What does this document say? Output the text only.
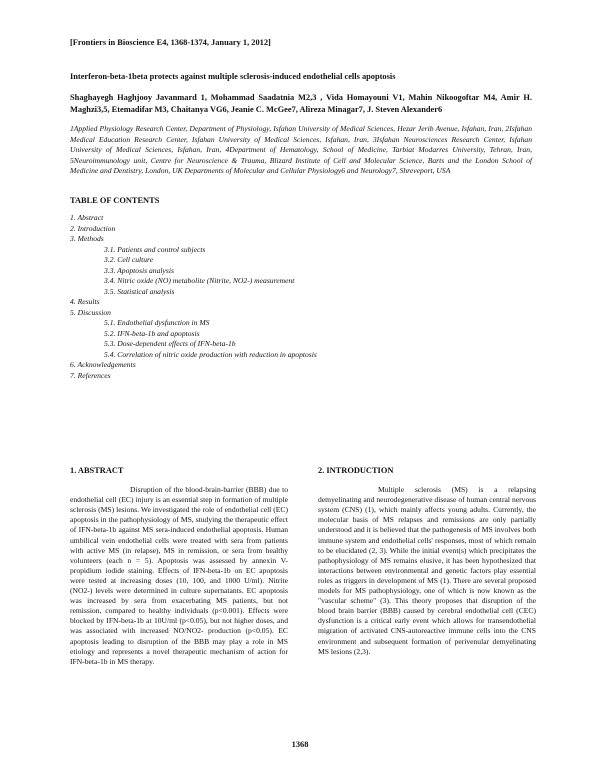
[Frontiers in Bioscience E4, 1368-1374, January 1, 2012]
Interferon-beta-1beta protects against multiple sclerosis-induced endothelial cells apoptosis
Shaghayegh Haghjooy Javanmard 1, Mohammad Saadatnia M2,3 , Vida Homayouni V1, Mahin Nikoogoftar M4, Amir H. Maghzi3,5, Etemadifar M3, Chaitanya VG6, Jeanie C. McGee7, Alireza Minagar7, J. Steven Alexander6
1Applied Physiology Research Center, Department of Physiology, Isfahan University of Medical Sciences, Hezar Jerib Avenue, Isfahan, Iran, 2Isfahan Medical Education Research Center, Isfahan University of Medical Sciences, Isfahan, Iran, 3Isfahan Neurosciences Research Center, Isfahan University of Medical Sciences, Isfahan, Iran, 4Department of Hematology, School of Medicine, Tarbiat Modarres University, Tehran, Iran, 5Neuroimmunology unit, Centre for Neuroscience & Trauma, Blizard Institute of Cell and Molecular Science, Barts and the London School of Medicine and Dentistry, London, UK Departments of Molecular and Cellular Physiology6 and Neurology7, Shreveport, USA
TABLE OF CONTENTS
1. Abstract
2. Introduction
3. Methods
3.1. Patients and control subjects
3.2. Cell culture
3.3. Apoptosis analysis
3.4. Nitric oxide (NO) metabolite (Nitrite, NO2-) measurement
3.5. Statistical analysis
4. Results
5. Discussion
5.1. Endothelial dysfunction in MS
5.2. IFN-beta-1b and apoptosis
5.3. Dose-dependent effects of IFN-beta-1b
5.4. Correlation of nitric oxide production with reduction in apoptosis
6. Acknowledgements
7. References
1. ABSTRACT

Disruption of the blood-brain-barrier (BBB) due to endothelial cell (EC) injury is an essential step in formation of multiple sclerosis (MS) lesions. We investigated the role of endothelial cell (EC) apoptosis in the pathophysiology of MS, studying the therapeutic effect of IFN-beta-1b against MS sera-induced endothelial apoptosis. Human umbilical vein endothelial cells were treated with sera from patients with active MS (in relapse), MS in remission, or sera from healthy volunteers (each n = 5). Apoptosis was assessed by annexin V-propidium iodide staining. Effects of IFN-beta-1b on EC apoptosis were tested at increasing doses (10, 100, and 1000 U/ml). Nitrite (NO2-) levels were determined in culture supernatants. EC apoptosis was increased by sera from exacerbating MS patients, but not remission, compared to healthy individuals (p<0.001). Effects were blocked by IFN-beta-1b at 10U/ml (p<0.05), but not higher doses, and was associated with increased NO/NO2- production (p<0.05). EC apoptosis leading to disruption of the BBB may play a role in MS etiology and represents a novel therapeutic mechanism of action for IFN-beta-1b in MS therapy.

2. INTRODUCTION

Multiple sclerosis (MS) is a relapsing demyelinating and neurodegenerative disease of human central nervous system (CNS) (1), which mainly affects young adults. Currently, the molecular basis of MS relapses and remissions are only partially understood and it is believed that the pathogenesis of MS involves both immune system and endothelial cells' responses, most of which remain to be elucidated (2, 3). While the initial event(s) which precipitates the pathophysiology of MS remains elusive, it has been hypothesized that interactions between environmental and genetic factors play essential roles as triggers in development of MS (1). There are several proposed models for MS pathophysiology, one of which is now known as the "vascular scheme" (3). This theory proposes that disruption of the blood brain barrier (BBB) caused by cerebral endothelial cell (CEC) dysfunction is a critical early event which allows for transendothelial migration of activated CNS-autoreactive immune cells into the CNS environment and subsequent formation of perivenular demyelinating MS lesions (2,3).

1368
